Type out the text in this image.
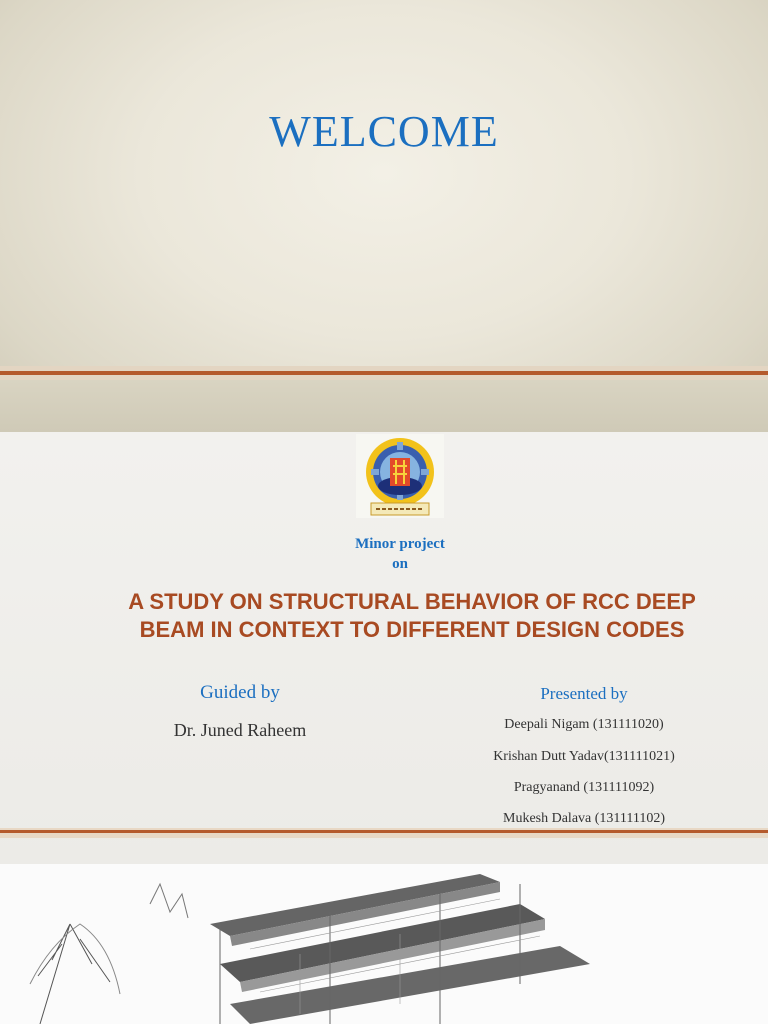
WELCOME
Minor project
on
A STUDY ON STRUCTURAL BEHAVIOR OF RCC DEEP
BEAM IN CONTEXT TO DIFFERENT DESIGN CODES
Guided by
Dr. Juned Raheem
Presented by
Deepali Nigam (131111020)
Krishan Dutt Yadav(131111021)
Pragyanand (131111092)
Mukesh Dalava (131111102)
